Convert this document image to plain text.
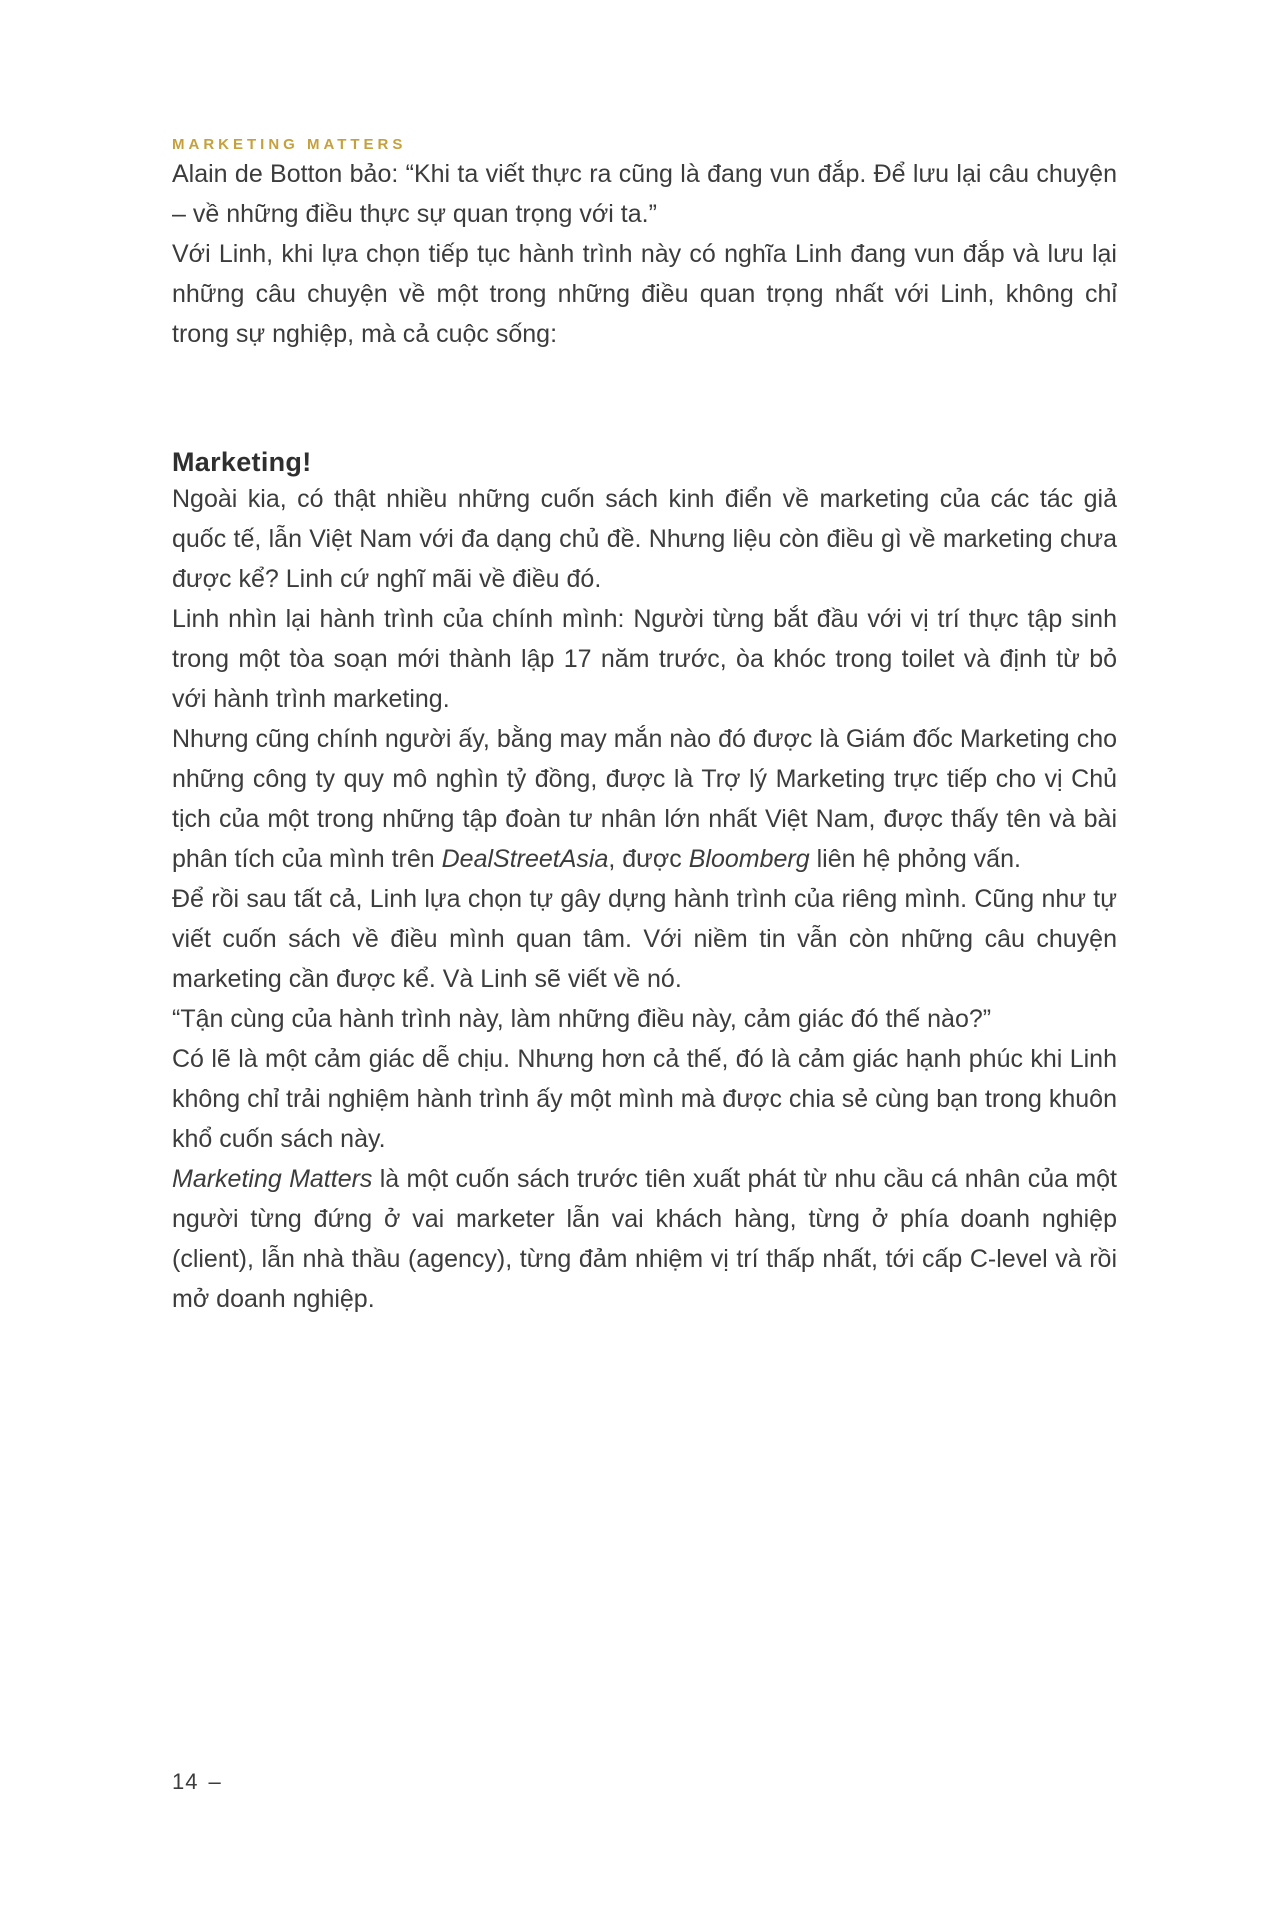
MARKETING MATTERS

Alain de Botton bảo: “Khi ta viết thực ra cũng là đang vun đắp. Để lưu lại câu chuyện – về những điều thực sự quan trọng với ta.”

Với Linh, khi lựa chọn tiếp tục hành trình này có nghĩa Linh đang vun đắp và lưu lại những câu chuyện về một trong những điều quan trọng nhất với Linh, không chỉ trong sự nghiệp, mà cả cuộc sống:

Marketing!

Ngoài kia, có thật nhiều những cuốn sách kinh điển về marketing của các tác giả quốc tế, lẫn Việt Nam với đa dạng chủ đề. Nhưng liệu còn điều gì về marketing chưa được kể? Linh cứ nghĩ mãi về điều đó.

Linh nhìn lại hành trình của chính mình: Người từng bắt đầu với vị trí thực tập sinh trong một tòa soạn mới thành lập 17 năm trước, òa khóc trong toilet và định từ bỏ với hành trình marketing.

Nhưng cũng chính người ấy, bằng may mắn nào đó được là Giám đốc Marketing cho những công ty quy mô nghìn tỷ đồng, được là Trợ lý Marketing trực tiếp cho vị Chủ tịch của một trong những tập đoàn tư nhân lớn nhất Việt Nam, được thấy tên và bài phân tích của mình trên DealStreetAsia, được Bloomberg liên hệ phỏng vấn.

Để rồi sau tất cả, Linh lựa chọn tự gây dựng hành trình của riêng mình. Cũng như tự viết cuốn sách về điều mình quan tâm. Với niềm tin vẫn còn những câu chuyện marketing cần được kể. Và Linh sẽ viết về nó.

“Tận cùng của hành trình này, làm những điều này, cảm giác đó thế nào?”

Có lẽ là một cảm giác dễ chịu. Nhưng hơn cả thế, đó là cảm giác hạnh phúc khi Linh không chỉ trải nghiệm hành trình ấy một mình mà được chia sẻ cùng bạn trong khuôn khổ cuốn sách này.

Marketing Matters là một cuốn sách trước tiên xuất phát từ nhu cầu cá nhân của một người từng đứng ở vai marketer lẫn vai khách hàng, từng ở phía doanh nghiệp (client), lẫn nhà thầu (agency), từng đảm nhiệm vị trí thấp nhất, tới cấp C-level và rồi mở doanh nghiệp.

14 –
